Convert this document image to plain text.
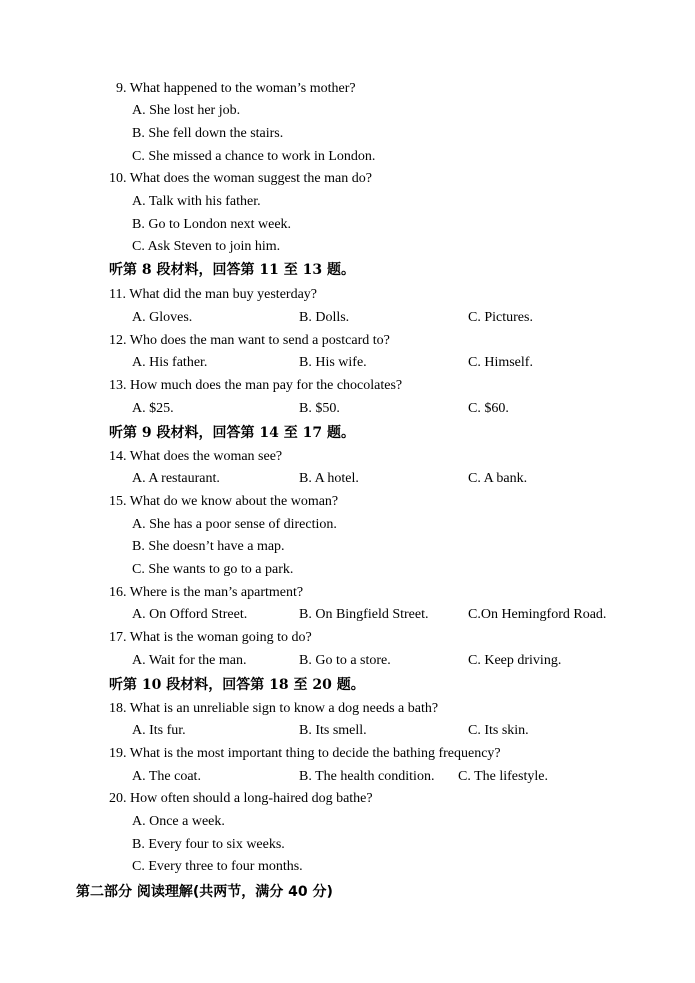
9. What happened to the woman’s mother?
A. She lost her job.
B. She fell down the stairs.
C. She missed a chance to work in London.
10. What does the woman suggest the man do?
A. Talk with his father.
B. Go to London next week.
C. Ask Steven to join him.
听第 8 段材料，回答第 11 至 13 题。
11. What did the man buy yesterday?
A. Gloves.	B. Dolls.	C. Pictures.
12. Who does the man want to send a postcard to?
A. His father.	B. His wife.	C. Himself.
13. How much does the man pay for the chocolates?
A. $25.	B. $50.	C. $60.
听第 9 段材料，回答第 14 至 17 题。
14. What does the woman see?
A. A restaurant.	B. A hotel.	C. A bank.
15. What do we know about the woman?
A. She has a poor sense of direction.
B. She doesn’t have a map.
C. She wants to go to a park.
16. Where is the man’s apartment?
A. On Offord Street.	B. On Bingfield Street.	C.On Hemingford Road.
17. What is the woman going to do?
A. Wait for the man.	B. Go to a store.	C. Keep driving.
听第 10 段材料，回答第 18 至 20 题。
18. What is an unreliable sign to know a dog needs a bath?
A. Its fur.	B. Its smell.	C. Its skin.
19. What is the most important thing to decide the bathing frequency?
A. The coat.	B. The health condition. C. The lifestyle.
20. How often should a long-haired dog bathe?
A. Once a week.
B. Every four to six weeks.
C. Every three to four months.
第二部分 阅读理解(共两节，满分 40 分)
